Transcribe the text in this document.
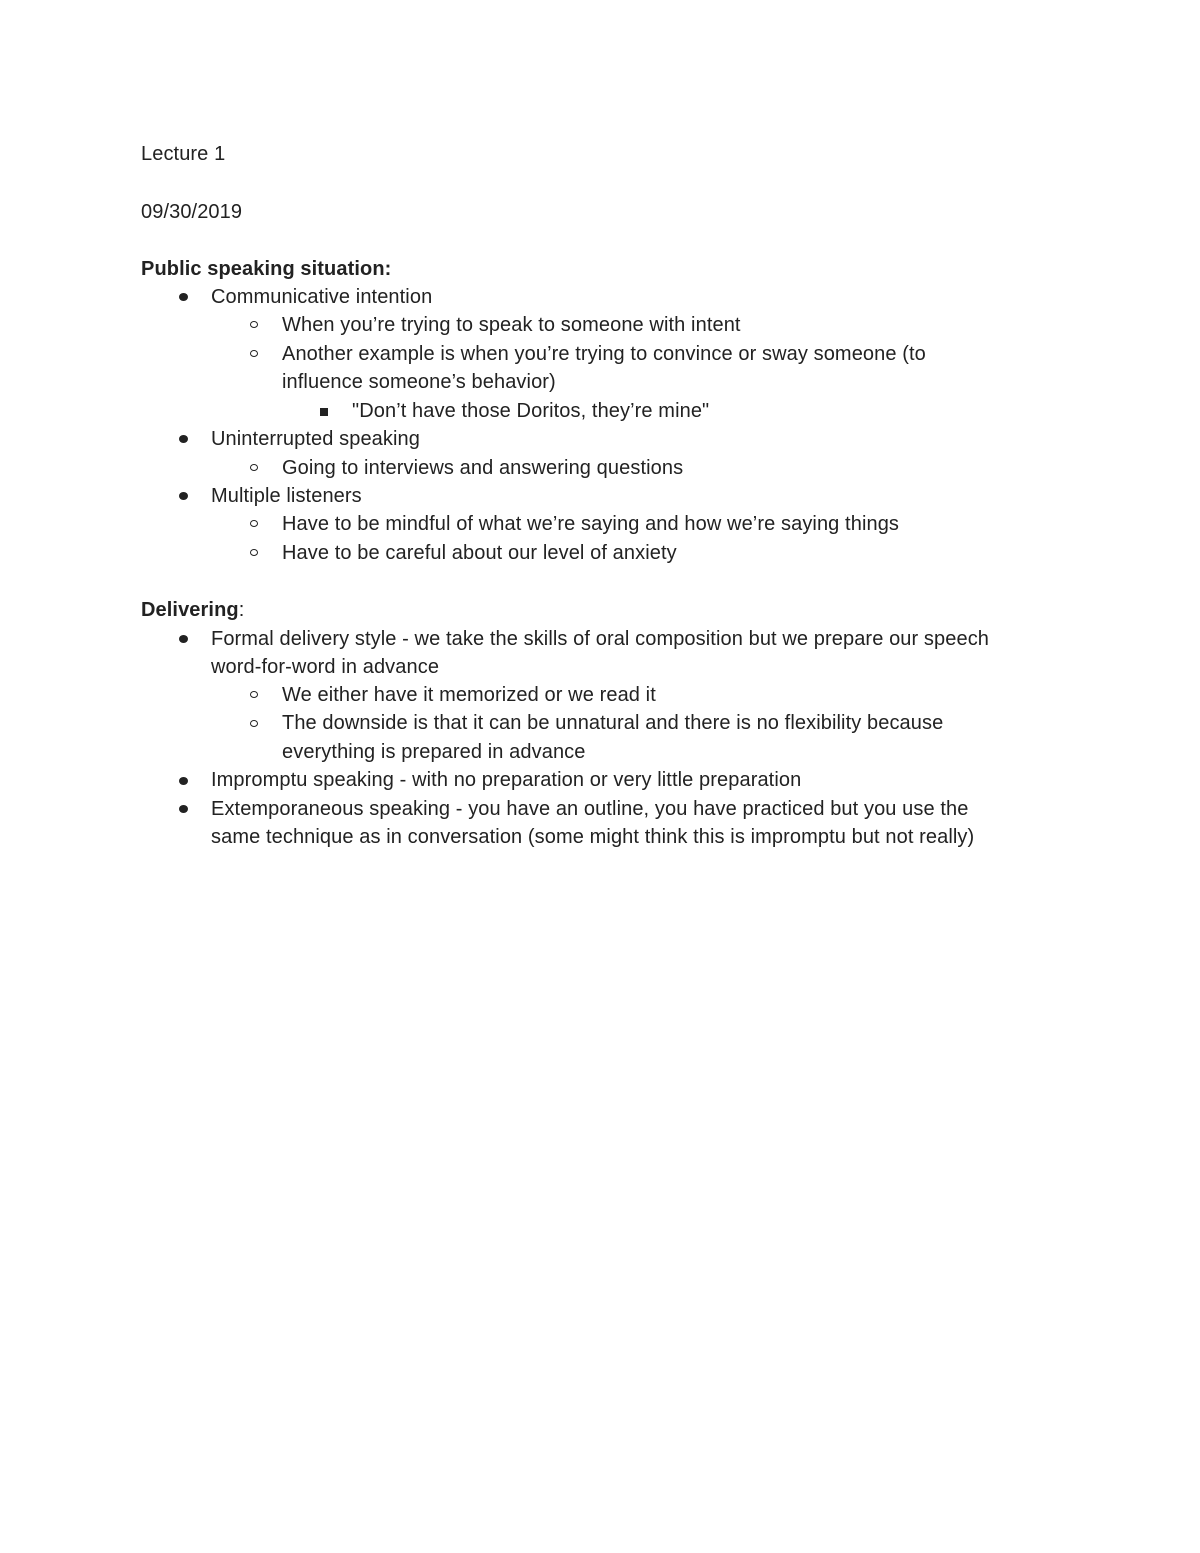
Lecture 1
09/30/2019
Public speaking situation:
Communicative intention
When you’re trying to speak to someone with intent
Another example is when you’re trying to convince or sway someone (to
influence someone’s behavior)
"Don’t have those Doritos, they’re mine"
Uninterrupted speaking
Going to interviews and answering questions
Multiple listeners
Have to be mindful of what we’re saying and how we’re saying things
Have to be careful about our level of anxiety
Delivering:
Formal delivery style - we take the skills of oral composition but we prepare our speech
word-for-word in advance
We either have it memorized or we read it
The downside is that it can be unnatural and there is no flexibility because
everything is prepared in advance
Impromptu speaking - with no preparation or very little preparation
Extemporaneous speaking - you have an outline, you have practiced but you use the
same technique as in conversation (some might think this is impromptu but not really)
